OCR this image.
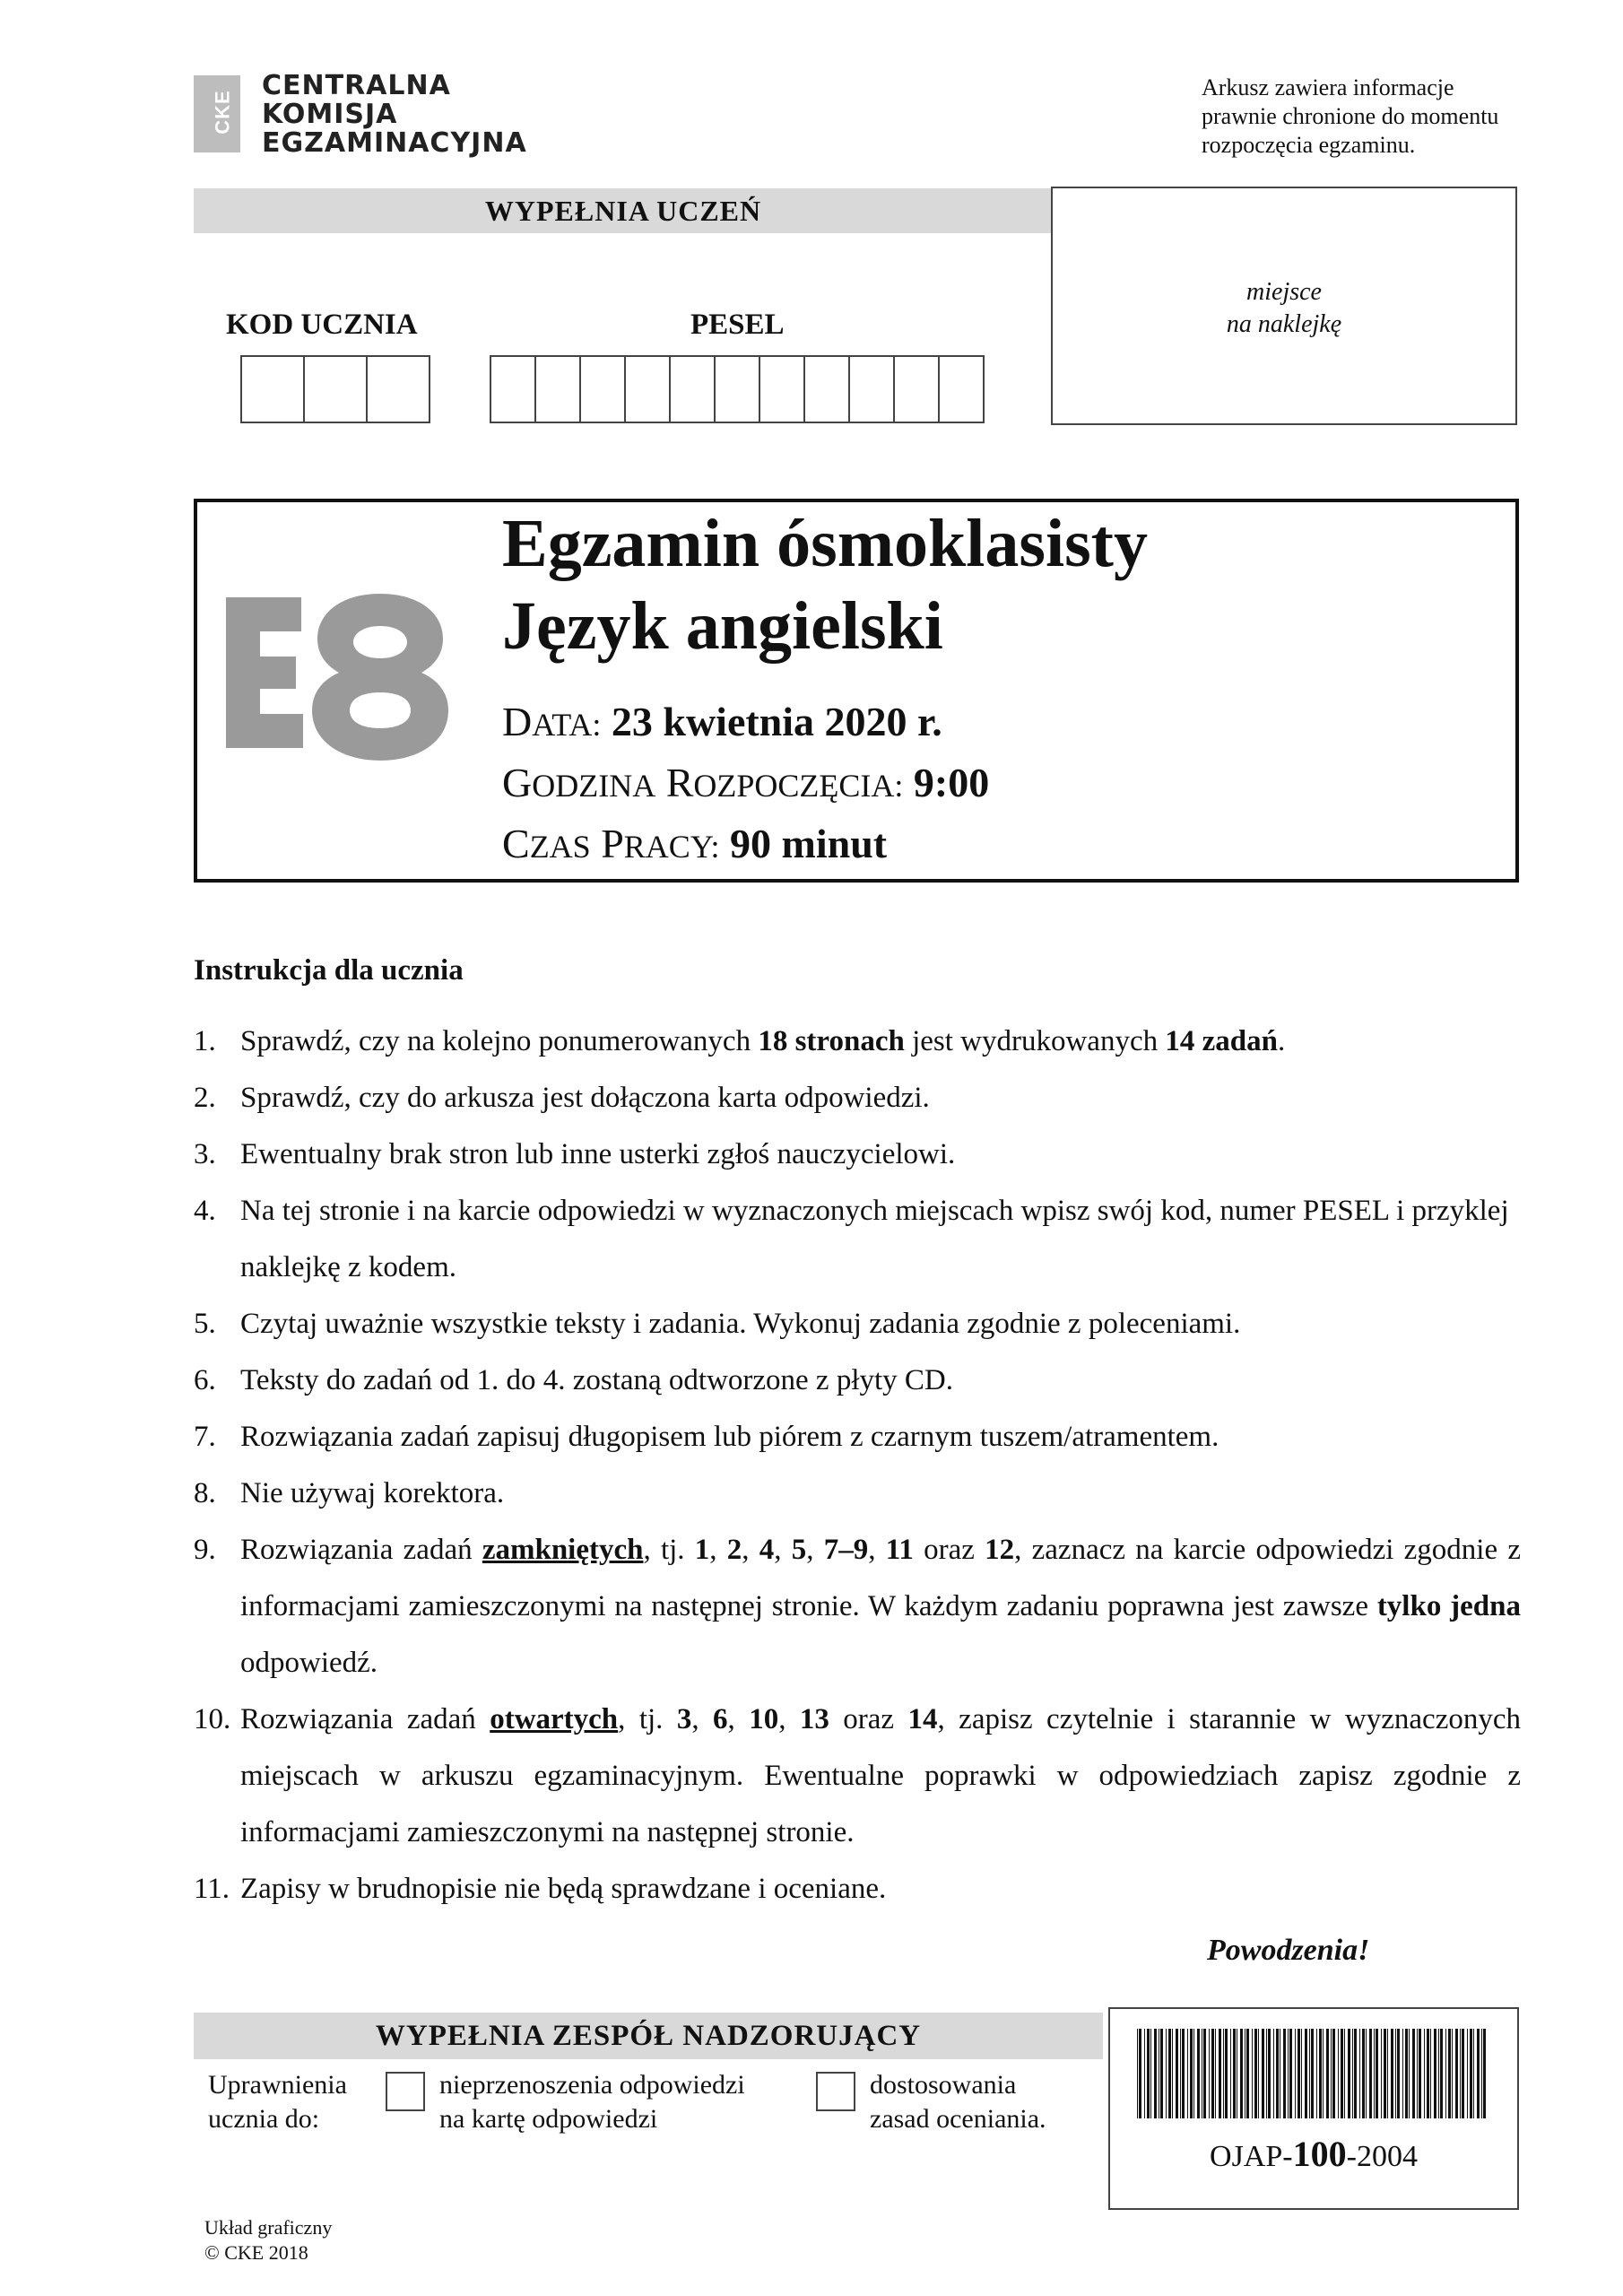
CKE
CENTRALNA
KOMISJA
EGZAMINACYJNA
Arkusz zawiera informacje
prawnie chronione do momentu
rozpoczęcia egzaminu.
WYPEŁNIA UCZEŃ
KOD UCZNIA	PESEL
miejsce
na naklejkę
Egzamin ósmoklasisty
Język angielski
DATA: 23 kwietnia 2020 r.
GODZINA ROZPOCZĘCIA: 9:00
CZAS PRACY: 90 minut
Instrukcja dla ucznia
1. Sprawdź, czy na kolejno ponumerowanych 18 stronach jest wydrukowanych 14 zadań.
2. Sprawdź, czy do arkusza jest dołączona karta odpowiedzi.
3. Ewentualny brak stron lub inne usterki zgłoś nauczycielowi.
4. Na tej stronie i na karcie odpowiedzi w wyznaczonych miejscach wpisz swój kod, numer PESEL i przyklej naklejkę z kodem.
5. Czytaj uważnie wszystkie teksty i zadania. Wykonuj zadania zgodnie z poleceniami.
6. Teksty do zadań od 1. do 4. zostaną odtworzone z płyty CD.
7. Rozwiązania zadań zapisuj długopisem lub piórem z czarnym tuszem/atramentem.
8. Nie używaj korektora.
9. Rozwiązania zadań zamkniętych, tj. 1, 2, 4, 5, 7–9, 11 oraz 12, zaznacz na karcie odpowiedzi zgodnie z informacjami zamieszczonymi na następnej stronie. W każdym zadaniu poprawna jest zawsze tylko jedna odpowiedź.
10. Rozwiązania zadań otwartych, tj. 3, 6, 10, 13 oraz 14, zapisz czytelnie i starannie w wyznaczonych miejscach w arkuszu egzaminacyjnym. Ewentualne poprawki w odpowiedziach zapisz zgodnie z informacjami zamieszczonymi na następnej stronie.
11. Zapisy w brudnopisie nie będą sprawdzane i oceniane.
Powodzenia!
WYPEŁNIA ZESPÓŁ NADZORUJĄCY
Uprawnienia
ucznia do:
nieprzenoszenia odpowiedzi
na kartę odpowiedzi
dostosowania
zasad oceniania.
OJAP-100-2004
Układ graficzny
© CKE 2018
